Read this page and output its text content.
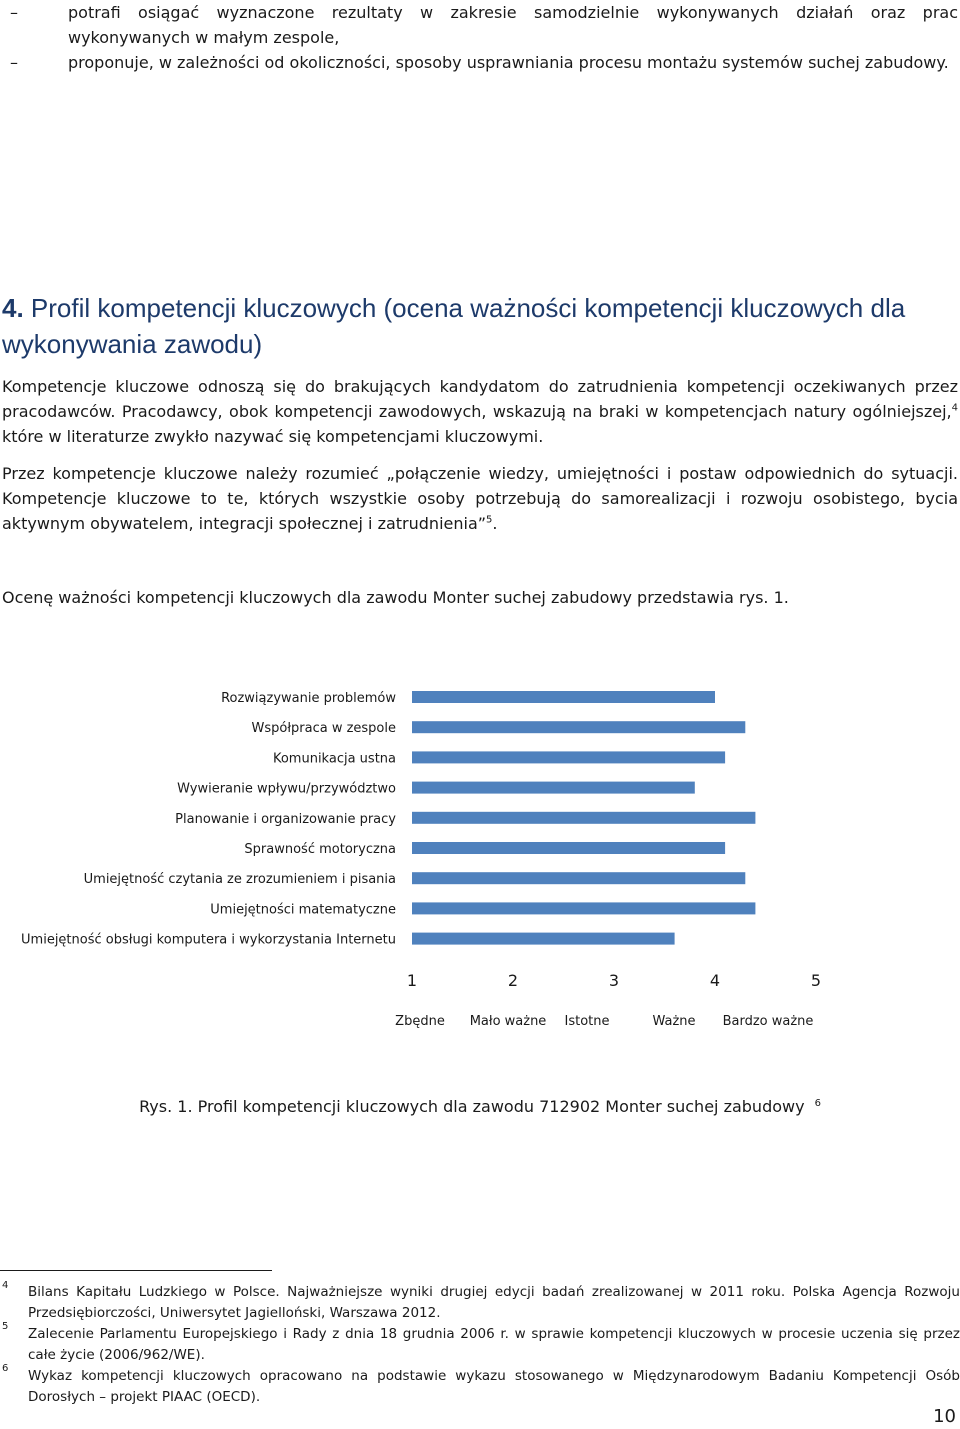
–	potrafi osiągać wyznaczone rezultaty w zakresie samodzielnie wykonywanych działań oraz prac wykonywanych w małym zespole,
–	proponuje, w zależności od okoliczności, sposoby usprawniania procesu montażu systemów suchej zabudowy.
4. Profil kompetencji kluczowych (ocena ważności kompetencji kluczowych dla wykonywania zawodu)
Kompetencje kluczowe odnoszą się do brakujących kandydatom do zatrudnienia kompetencji oczekiwanych przez pracodawców. Pracodawcy, obok kompetencji zawodowych, wskazują na braki w kompetencjach natury ogólniejszej,$^4$ które w literaturze zwykło nazywać się kompetencjami kluczowymi.
Przez kompetencje kluczowe należy rozumieć „połączenie wiedzy, umiejętności i postaw odpowiednich do sytuacji. Kompetencje kluczowe to te, których wszystkie osoby potrzebują do samorealizacji i rozwoju osobistego, bycia aktywnym obywatelem, integracji społecznej i zatrudnienia”$^5$.
Ocenę ważności kompetencji kluczowych dla zawodu Monter suchej zabudowy przedstawia rys. 1.
Rozwiązywanie problemów
Współpraca w zespole
Komunikacja ustna
Wywieranie wpływu/przywództwo
Planowanie i organizowanie pracy
Sprawność motoryczna
Umiejętność czytania ze zrozumieniem i pisania
Umiejętności matematyczne
Umiejętność obsługi komputera i wykorzystania Internetu
1	2	3	4	5
Zbędne Mało ważne Istotne	Ważne Bardzo ważne
Rys. 1. Profil kompetencji kluczowych dla zawodu 712902 Monter suchej zabudowy $^6$
4 Bilans Kapitału Ludzkiego w Polsce. Najważniejsze wyniki drugiej edycji badań zrealizowanej w 2011 roku. Polska Agencja Rozwoju Przedsiębiorczości, Uniwersytet Jagielloński, Warszawa 2012.
5 Zalecenie Parlamentu Europejskiego i Rady z dnia 18 grudnia 2006 r. w sprawie kompetencji kluczowych w procesie uczenia się przez całe życie (2006/962/WE).
6 Wykaz kompetencji kluczowych opracowano na podstawie wykazu stosowanego w Międzynarodowym Badaniu Kompetencji Osób Dorosłych – projekt PIAAC (OECD).
10
